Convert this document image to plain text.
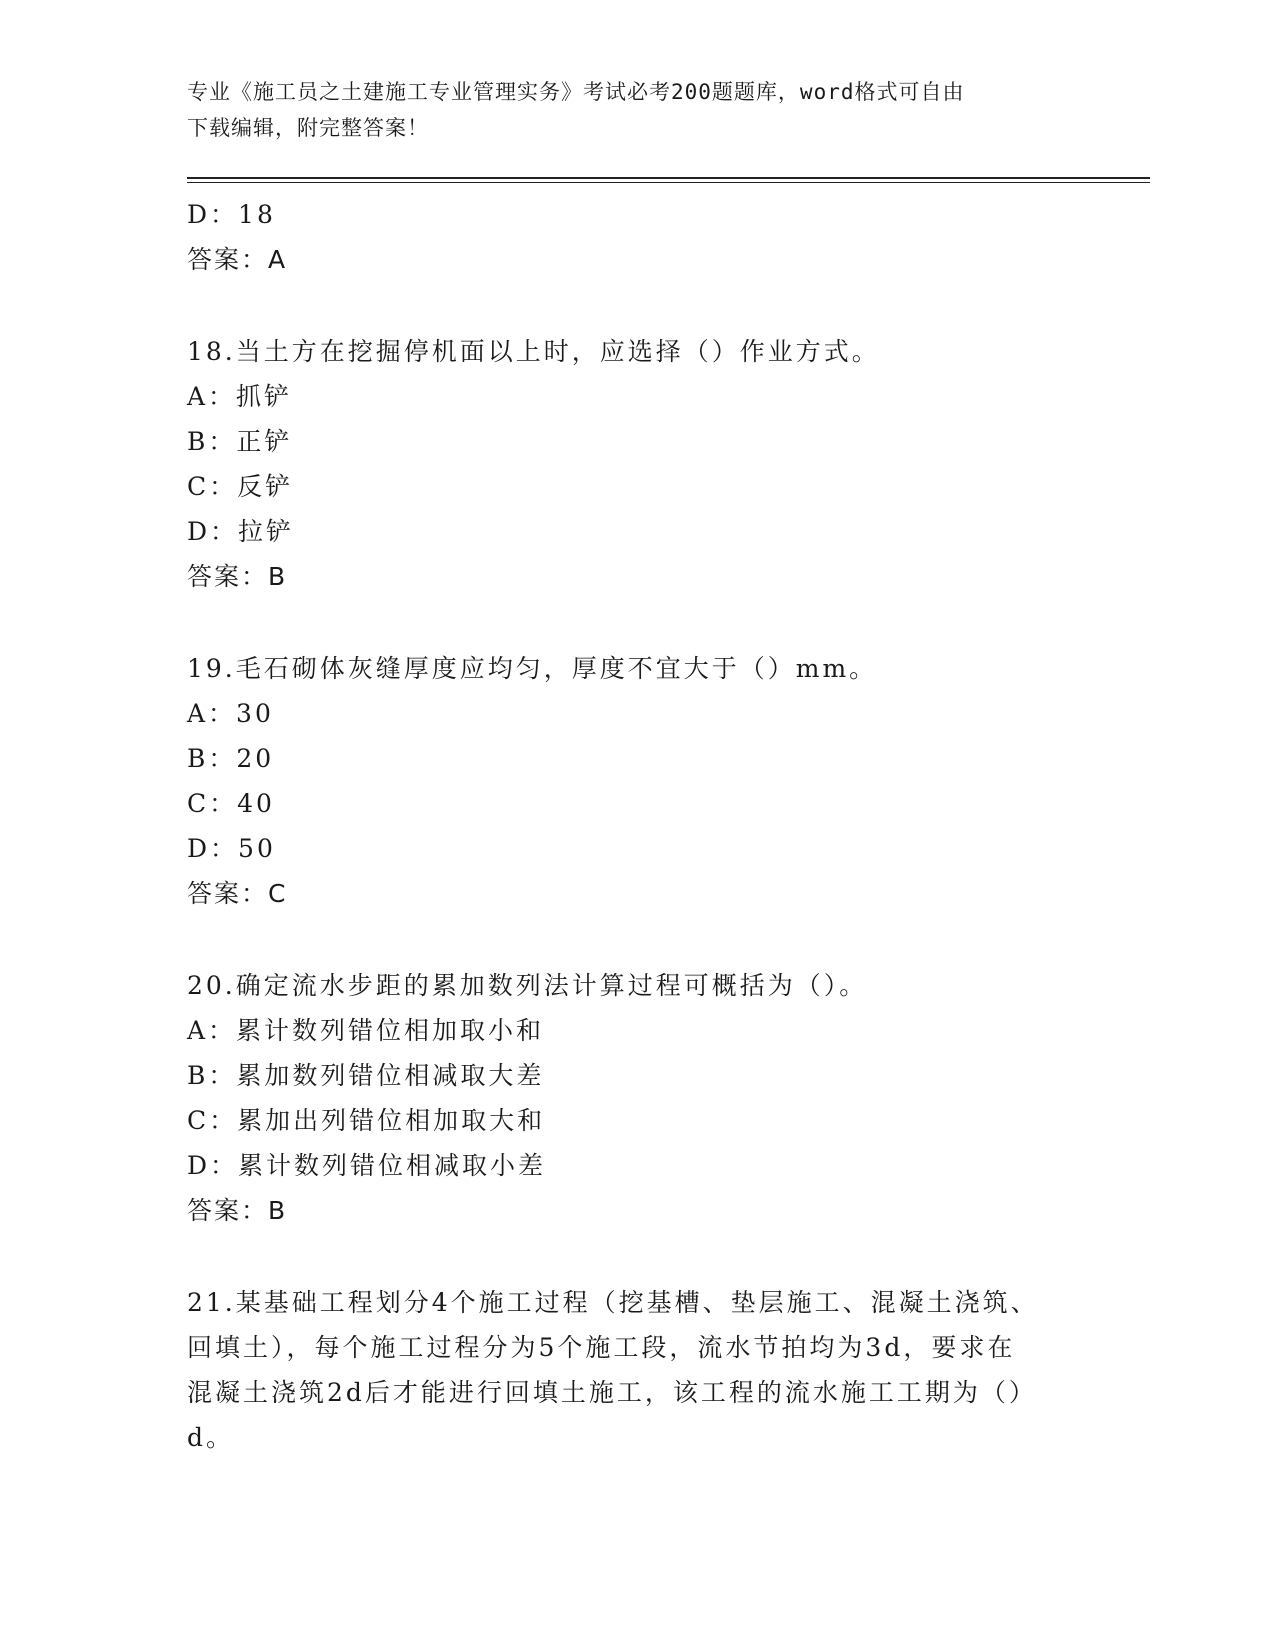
专业《施工员之土建施工专业管理实务》考试必考200题题库，word格式可自由

下载编辑，附完整答案！

D：18
答案：A
18.当土方在挖掘停机面以上时，应选择（）作业方式。
A：抓铲
B：正铲
C：反铲
D：拉铲
答案：B
19.毛石砌体灰缝厚度应均匀，厚度不宜大于（）mm。
A：30
B：20
C：40
D：50
答案：C
20.确定流水步距的累加数列法计算过程可概括为（）。
A：累计数列错位相加取小和
B：累加数列错位相减取大差
C：累加出列错位相加取大和
D：累计数列错位相减取小差
答案：B
21.某基础工程划分4个施工过程（挖基槽、垫层施工、混凝土浇筑、
回填土），每个施工过程分为5个施工段，流水节拍均为3d，要求在
混凝土浇筑2d后才能进行回填土施工，该工程的流水施工工期为（）
d。
